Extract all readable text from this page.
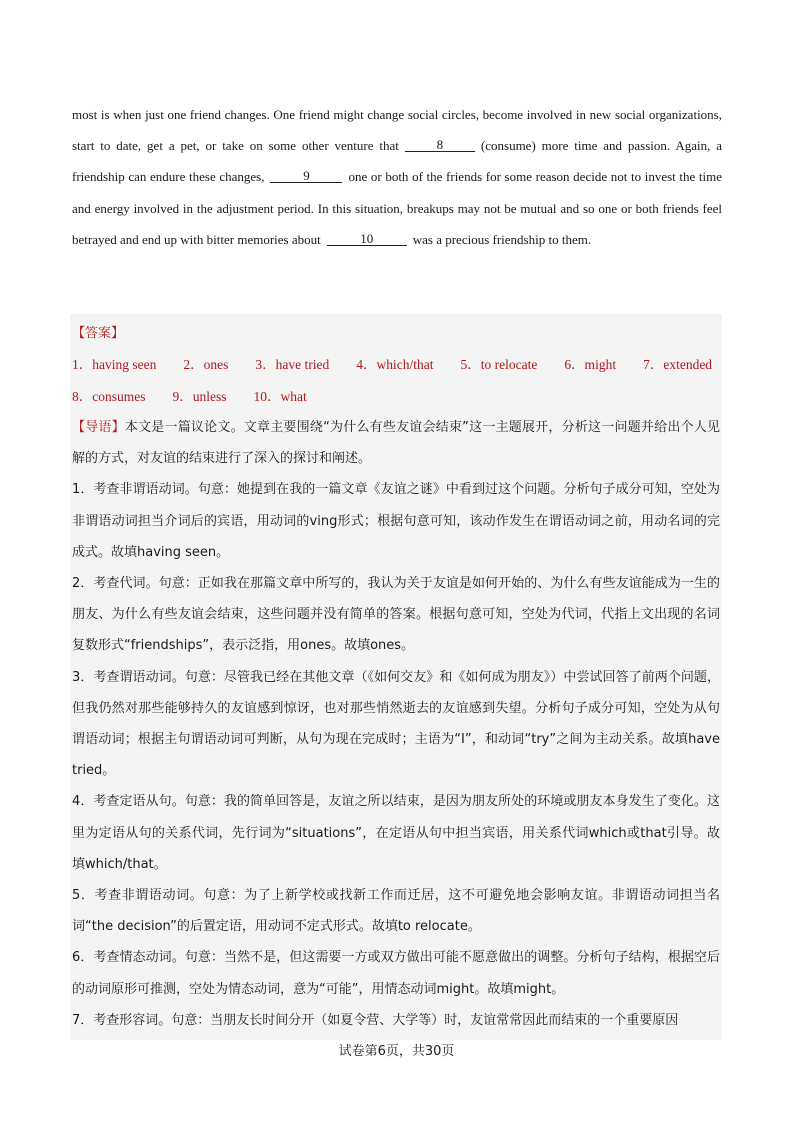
most is when just one friend changes. One friend might change social circles, become involved in new social organizations, start to date, get a pet, or take on some other venture that	8	(consume) more time and passion. Again, a friendship can endure these changes,	9	one or both of the friends for some reason decide not to invest the time and energy involved in the adjustment period. In this situation, breakups may not be mutual and so one or both friends feel betrayed and end up with bitter memories about	10	was a precious friendship to them.
【答案】
1．having seen 2．ones 3．have tried 4．which/that 5．to relocate 6．might 7．extended
8．consumes 9．unless 10．what
【导语】本文是一篇议论文。文章主要围绕“为什么有些友谊会结束”这一主题展开，分析这一问题并给出个人见解的方式，对友谊的结束进行了深入的探讨和阐述。
1．考查非谓语动词。句意：她提到在我的一篇文章《友谊之谜》中看到过这个问题。分析句子成分可知，空处为非谓语动词担当介词后的宾语，用动词的ving形式；根据句意可知，该动作发生在谓语动词之前，用动名词的完成式。故填having seen。
2．考查代词。句意：正如我在那篇文章中所写的，我认为关于友谊是如何开始的、为什么有些友谊能成为一生的朋友、为什么有些友谊会结束，这些问题并没有简单的答案。根据句意可知，空处为代词，代指上文出现的名词复数形式“friendships”，表示泛指，用ones。故填ones。
3．考查谓语动词。句意：尽管我已经在其他文章（《如何交友》和《如何成为朋友》）中尝试回答了前两个问题，但我仍然对那些能够持久的友谊感到惊讶，也对那些悄然逝去的友谊感到失望。分析句子成分可知，空处为从句谓语动词；根据主句谓语动词可判断，从句为现在完成时；主语为“I”，和动词“try”之间为主动关系。故填have tried。
4．考查定语从句。句意：我的简单回答是，友谊之所以结束，是因为朋友所处的环境或朋友本身发生了变化。这里为定语从句的关系代词，先行词为“situations”，在定语从句中担当宾语，用关系代词which或that引导。故填which/that。
5．考查非谓语动词。句意：为了上新学校或找新工作而迁居，这不可避免地会影响友谊。非谓语动词担当名词“the decision”的后置定语，用动词不定式形式。故填to relocate。
6．考查情态动词。句意：当然不是，但这需要一方或双方做出可能不愿意做出的调整。分析句子结构，根据空后的动词原形可推测，空处为情态动词，意为“可能”，用情态动词might。故填might。
7．考查形容词。句意：当朋友长时间分开（如夏令营、大学等）时，友谊常常因此而结束的一个重要原因
试卷第6页，共30页
